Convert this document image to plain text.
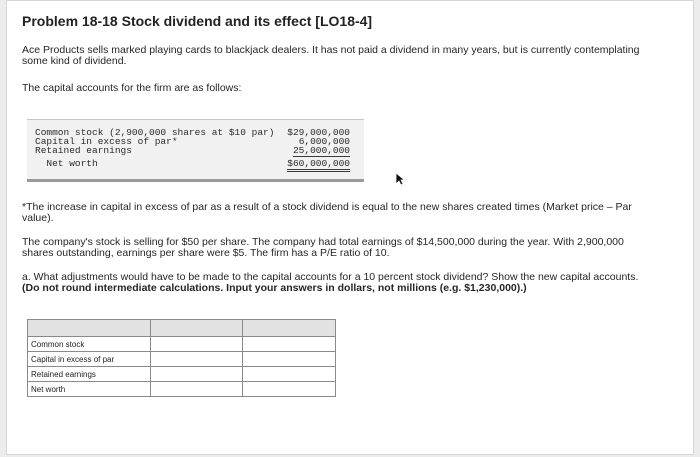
Problem 18-18 Stock dividend and its effect [LO18-4]
Ace Products sells marked playing cards to blackjack dealers. It has not paid a dividend in many years, but is currently contemplating
some kind of dividend.
The capital accounts for the firm are as follows:
Common stock (2,900,000 shares at $10 par) $29,000,000
Capital in excess of par*	6,000,000
Retained earnings	25,000,000
Net worth	$60,000,000
*The increase in capital in excess of par as a result of a stock dividend is equal to the new shares created times (Market price – Par
value).
The company's stock is selling for $50 per share. The company had total earnings of $14,500,000 during the year. With 2,900,000
shares outstanding, earnings per share were $5. The firm has a P/E ratio of 10.
a. What adjustments would have to be made to the capital accounts for a 10 percent stock dividend? Show the new capital accounts.
(Do not round intermediate calculations. Input your answers in dollars, not millions (e.g. $1,230,000).)

Common stock		
Capital in excess of par		
Retained earnings		
Net worth		
